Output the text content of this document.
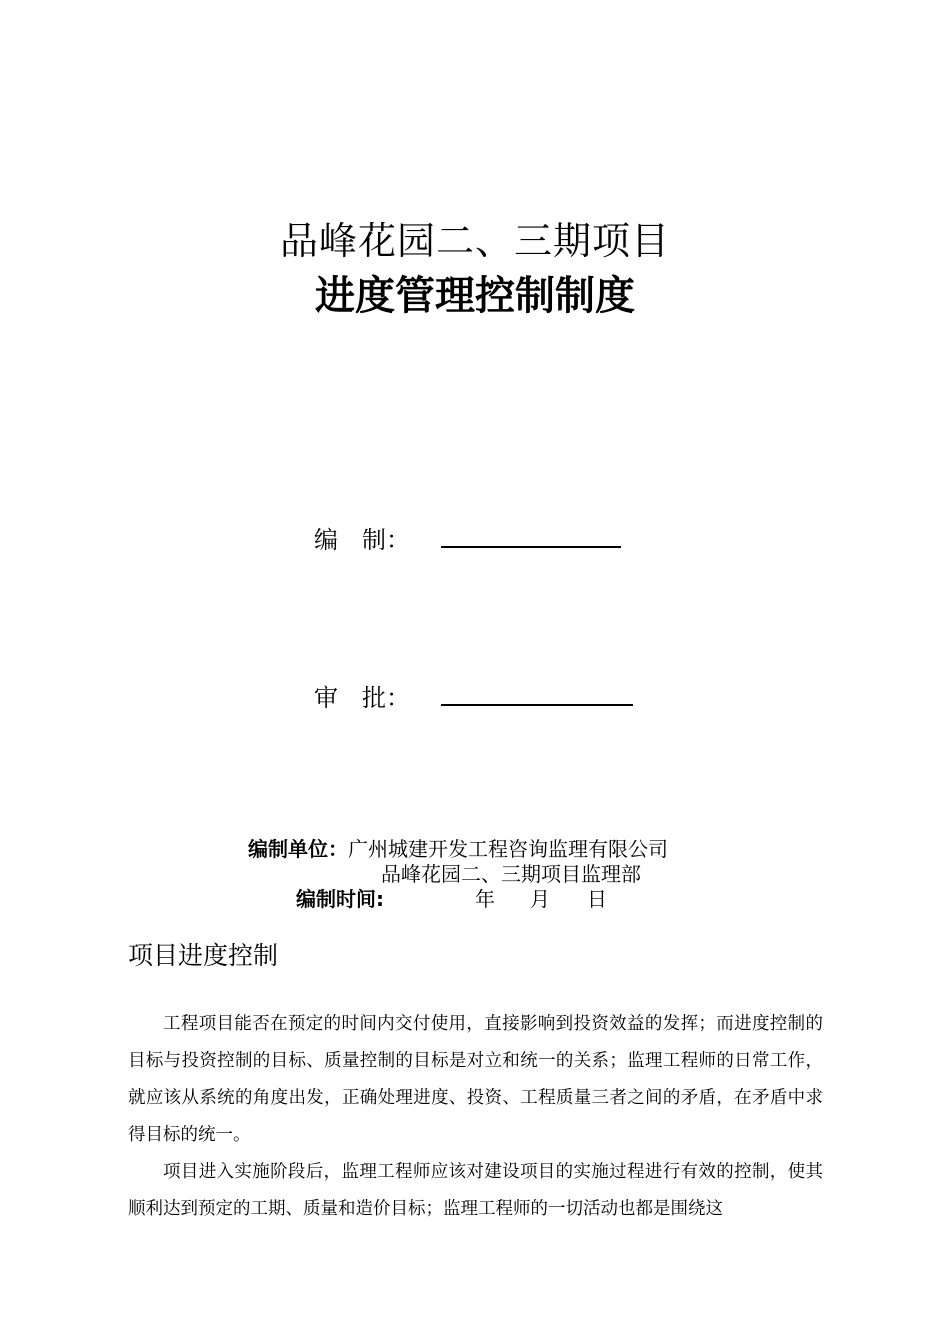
品峰花园二、三期项目
进度管理控制制度
编　制：
审　批：
编制单位：广州城建开发工程咨询监理有限公司
品峰花园二、三期项目监理部
编制时间:	年 月 日
项目进度控制

工程项目能否在预定的时间内交付使用，直接影响到投资效益的发挥；而进度控制的目标与投资控制的目标、质量控制的目标是对立和统一的关系；监理工程师的日常工作，就应该从系统的角度出发，正确处理进度、投资、工程质量三者之间的矛盾，在矛盾中求得目标的统一。

项目进入实施阶段后，监理工程师应该对建设项目的实施过程进行有效的控制，使其顺利达到预定的工期、质量和造价目标；监理工程师的一切活动也都是围绕这
